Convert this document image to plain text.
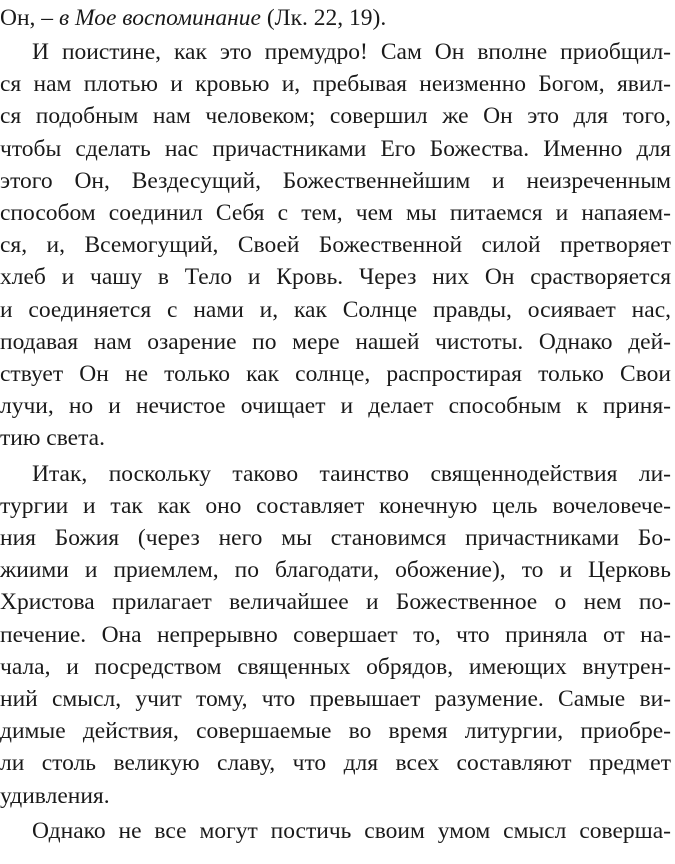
Он, – в Мое воспоминание (Лк. 22, 19).
И поистине, как это премудро! Сам Он вполне приобщил-
ся нам плотью и кровью и, пребывая неизменно Богом, явил-
ся подобным нам человеком; совершил же Он это для того,
чтобы сделать нас причастниками Его Божества. Именно для
этого Он, Вездесущий, Божественнейшим и неизреченным
способом соединил Себя с тем, чем мы питаемся и напаяем-
ся, и, Всемогущий, Своей Божественной силой претворяет
хлеб и чашу в Тело и Кровь. Через них Он срастворяется
и соединяется с нами и, как Солнце правды, осиявает нас,
подавая нам озарение по мере нашей чистоты. Однако дей-
ствует Он не только как солнце, распростирая только Свои
лучи, но и нечистое очищает и делает способным к приня-
тию света.
Итак, поскольку таково таинство священнодействия ли-
тургии и так как оно составляет конечную цель вочеловече-
ния Божия (через него мы становимся причастниками Бо-
жиими и приемлем, по благодати, обожение), то и Церковь
Христова прилагает величайшее и Божественное о нем по-
печение. Она непрерывно совершает то, что приняла от на-
чала, и посредством священных обрядов, имеющих внутрен-
ний смысл, учит тому, что превышает разумение. Самые ви-
димые действия, совершаемые во время литургии, приобре-
ли столь великую славу, что для всех составляют предмет
удивления.
Однако не все могут постичь своим умом смысл соверша-
